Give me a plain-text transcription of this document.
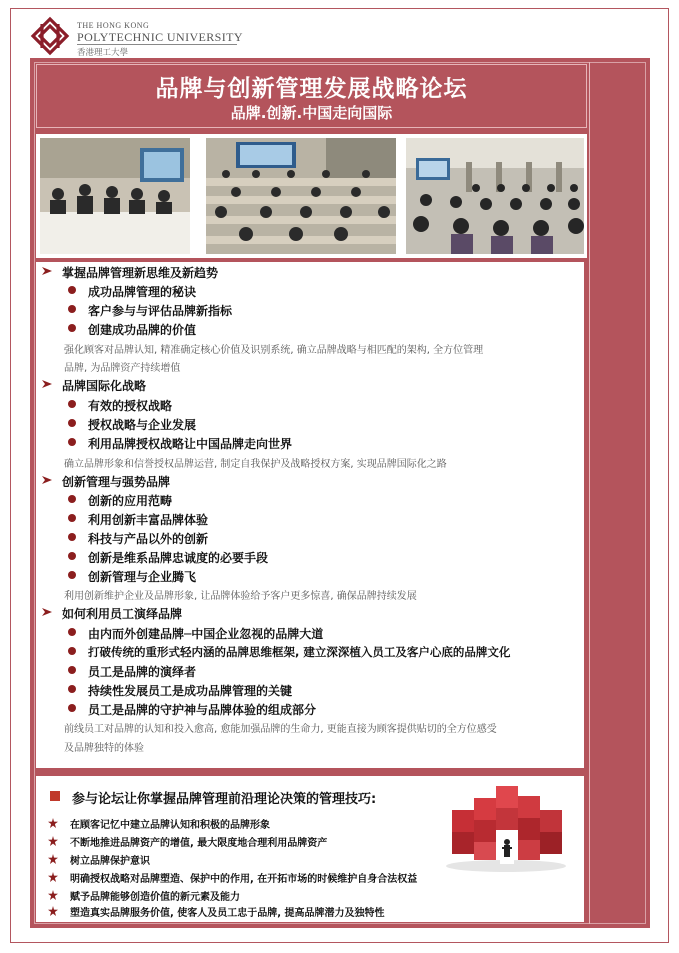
THE HONG KONG
POLYTECHNIC UNIVERSITY
香港理工大學
品牌与创新管理发展战略论坛
品牌.创新.中国走向国际
掌握品牌管理新思维及新趋势
成功品牌管理的秘诀
客户参与与评估品牌新指标
创建成功品牌的价值
强化顾客对品牌认知, 精准确定核心价值及识别系统, 确立品牌战略与相匹配的架构, 全方位管理
品牌, 为品牌资产持续增值
品牌国际化战略
有效的授权战略
授权战略与企业发展
利用品牌授权战略让中国品牌走向世界
确立品牌形象和信誉授权品牌运营, 制定自我保护及战略授权方案, 实现品牌国际化之路
创新管理与强势品牌
创新的应用范畴
利用创新丰富品牌体验
科技与产品以外的创新
创新是维系品牌忠诚度的必要手段
创新管理与企业腾飞
利用创新维护企业及品牌形象, 让品牌体验给予客户更多惊喜, 确保品牌持续发展
如何利用员工演绎品牌
由内而外创建品牌─中国企业忽视的品牌大道
打破传统的重形式轻内涵的品牌思维框架, 建立深深植入员工及客户心底的品牌文化
员工是品牌的演绎者
持续性发展员工是成功品牌管理的关键
员工是品牌的守护神与品牌体验的组成部分
前线员工对品牌的认知和投入愈高, 愈能加强品牌的生命力, 更能直接为顾客提供贴切的全方位感受
及品牌独特的体验
参与论坛让你掌握品牌管理前沿理论决策的管理技巧:
在顾客记忆中建立品牌认知和积极的品牌形象
不断地推进品牌资产的增值, 最大限度地合理利用品牌资产
树立品牌保护意识
明确授权战略对品牌塑造、保护中的作用, 在开拓市场的时候维护自身合法权益
赋予品牌能够创造价值的新元素及能力
塑造真实品牌服务价值, 使客人及员工忠于品牌, 提高品牌潜力及独特性
